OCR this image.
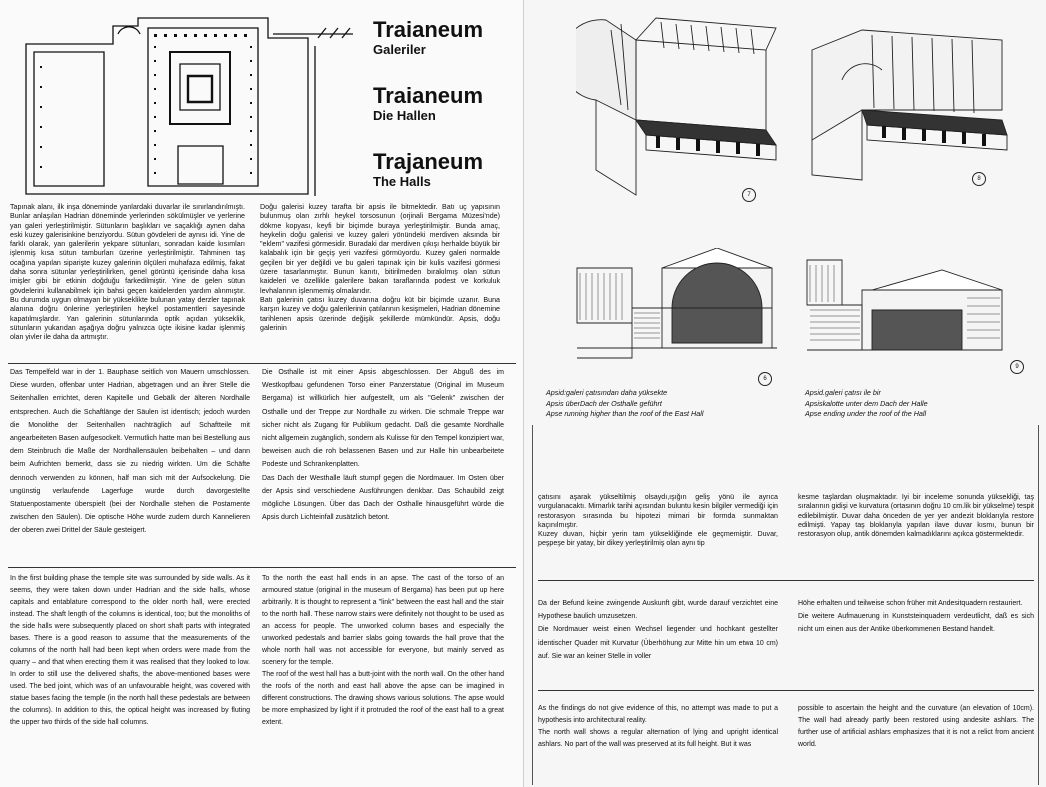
Traianeum
Galeriler
Traianeum
Die Hallen
Trajaneum
The Halls
Tapınak alanı, ilk inşa döneminde yanlardaki duvarlar ile sınırlandırılmıştı. Bunlar anlaşılan Hadrian döneminde yerlerinden sökülmüşler ve yerlerine yan galeri yerleştirilmiştir. Sütunların başlıkları ve saçaklığı aynen daha eski kuzey galerisinkine benziyordu. Sütun gövdeleri de aynısı idi. Yine de farklı olarak, yan galerilerin yekpare sütunları, sonradan kaide kısımları işlenmiş kısa sütun tamburları üzerine yerleştirilmiştir. Tahminen taş ocağına yapılan siparişte kuzey galerinin ölçüleri muhafaza edilmiş, fakat daha sonra sütunlar yerleştirilirken, genel görüntü içerisinde daha kısa imişler gibi bir etkinin doğduğu farkedilmiştir. Yine de gelen sütun gövdelerini kullanabilmek için bahsi geçen kaidelerden yardım alınmıştır. Bu durumda uygun olmayan bir yükseklikte bulunan yatay derzler tapınak alanına doğru önlerine yerleştirilen heykel postamentleri sayesinde kapatılmışlardır. Yan galerinin sütunlarında optik açıdan yükseklik, sütunların yukarıdan aşağıya doğru yalnızca üçte ikisine kadar işlenmiş olan yivler ile daha da artmıştır.
Doğu galerisi kuzey tarafta bir apsis ile bitmektedir. Batı uç yapısının bulunmuş olan zırhlı heykel torsosunun (orjinali Bergama Müzesi'nde) dökme kopyası, keyfi bir biçimde buraya yerleştirilmiştir. Bunda amaç, heykelin doğu galerisi ve kuzey galeri yönündeki merdiven aksında bir "eklem" vazifesi görmesidir. Buradaki dar merdiven çıkışı herhalde büyük bir kalabalık için bir geçiş yeri vazifesi görmüyordu. Kuzey galeri normalde geçilen bir yer değildi ve bu galeri tapınak için bir kulis vazifesi görmesi üzere tasarlanmıştır. Bunun kanıtı, bitirilmeden bırakılmış olan sütun kaideleri ve özellikle galerilere bakan taraflarında podest ve korkuluk levhalarının işlenmemiş olmalarıdır.
Batı galerinin çatısı kuzey duvarına doğru küt bir biçimde uzanır. Buna karşın kuzey ve doğu galerilerinin çatılarının kesişmeleri, Hadrian dönemine tarihlenen apsis üzerinde değişik şekillerde mümkündür. Apsis, doğu galerinin
Das Tempelfeld war in der 1. Bauphase seitlich von Mauern umschlossen. Diese wurden, offenbar unter Hadrian, abgetragen und an ihrer Stelle die Seitenhallen errichtet, deren Kapitelle und Gebälk der älteren Nordhalle entsprechen. Auch die Schaftlänge der Säulen ist identisch; jedoch wurden die Monolithe der Seitenhallen nachträglich auf Schaftteile mit angearbeiteten Basen aufgesockelt. Vermutlich hatte man bei Bestellung aus dem Steinbruch die Maße der Nordhallensäulen beibehalten – und dann beim Aufrichten bemerkt, dass sie zu niedrig wirkten. Um die Schäfte dennoch verwenden zu können, half man sich mit der Aufsockelung. Die ungünstig verlaufende Lagerfuge wurde durch davorgestellte Statuenpostamente überspielt (bei der Nordhalle stehen die Postamente zwischen den Säulen). Die optische Höhe wurde zudem durch Kannelieren der oberen zwei Drittel der Säule gesteigert.
Die Osthalle ist mit einer Apsis abgeschlossen. Der Abguß des im Westkopfbau gefundenen Torso einer Panzerstatue (Original im Museum Bergama) ist willkürlich hier aufgestellt, um als "Gelenk" zwischen der Osthalle und der Treppe zur Nordhalle zu wirken. Die schmale Treppe war sicher nicht als Zugang für Publikum gedacht. Daß die gesamte Nordhalle nicht allgemein zugänglich, sondern als Kulisse für den Tempel konzipiert war, beweisen auch die roh belassenen Basen und zur Halle hin unbearbeitete Podeste und Schrankenplatten.
Das Dach der Westhalle läuft stumpf gegen die Nordmauer. Im Osten über der Apsis sind verschiedene Ausführungen denkbar. Das Schaubild zeigt mögliche Lösungen. Über das Dach der Osthalle hinausgeführt würde die Apsis durch Lichteinfall zusätzlich betont.
In the first building phase the temple site was surrounded by side walls. As it seems, they were taken down under Hadrian and the side halls, whose capitals and entablature correspond to the older north hall, were erected instead. The shaft length of the columns is identical, too; but the monoliths of the side halls were subsequently placed on short shaft parts with integrated bases. There is a good reason to assume that the measurements of the columns of the north hall had been kept when orders were made from the quarry – and that when erecting them it was realised that they looked to low. In order to still use the delivered shafts, the above-mentioned bases were used. The bed joint, which was of an unfavourable height, was covered with statue bases facing the temple (in the north hall these pedestals are between the columns). In addition to this, the optical height was increased by fluting the upper two thirds of the side hall columns.
To the north the east hall ends in an apse. The cast of the torso of an armoured statue (original in the museum of Bergama) has been put up here arbitrarily. It is thought to represent a "link" between the east hall and the stair to the north hall. These narrow stairs were definitely not thought to be used as an access for people. The unworked column bases and especially the unworked pedestals and barrier slabs going towards the hall prove that the whole north hall was not accessible for everyone, but mainly served as scenery for the temple.
The roof of the west hall has a butt-joint with the north wall. On the other hand the roofs of the north and east hall above the apse can be imagined in different constructions. The drawing shows various solutions. The apse would be more emphasized by light if it protruded the roof of the east hall to a great extent.
7
8
6
9
Apsid:galeri çatısından daha yüksekte
Apsis überDach der Osthalle geführt
Apse running higher than the roof of the East Hall
Apsid.galeri çatısı ile bir
Apsiskalotte unter dem Dach der Halle
Apse ending under the roof of the Hall
çatısını aşarak yükseltilmiş olsaydı,ışığın geliş yönü ile ayrıca vurgulanacaktı. Mimarlık tarihi açısından buluntu kesin bilgiler vermediği için restorasyon sırasında bu hipotezi mimari bir formda sunmaktan kaçınılmıştır.
Kuzey duvarı, hiçbir yerin tam yüksekliğinde ele geçmemiştir. Duvar, peşpeşe bir yatay, bir dikey yerleştirilmiş olan aynı tip
kesme taşlardan oluşmaktadır. İyi bir inceleme sonunda yüksekliği, taş sıralarının gidişi ve kurvatura (ortasının doğru 10 cm.lik bir yükselme) tespit edilebilmiştir. Duvar daha önceden de yer yer andezit bloklarıyla restore edilmişti. Yapay taş bloklarıyla yapılan ilave duvar kısmı, bunun bir restorasyon olup, antik dönemden kalmadıklarını açıkca göstermektedir.
Da der Befund keine zwingende Auskunft gibt, wurde darauf verzichtet eine Hypothese baulich umzusetzen.
Die Nordmauer weist einen Wechsel liegender und hochkant gestellter identischer Quader mit Kurvatur (Überhöhung zur Mitte hin um etwa 10 cm) auf. Sie war an keiner Stelle in voller
Höhe erhalten und teilweise schon früher mit Andesitquadern restauriert.
Die weitere Aufmauerung in Kunststeinquadern verdeutlicht, daß es sich nicht um einen aus der Antike überkommenen Bestand handelt.
As the findings do not give evidence of this, no attempt was made to put a hypothesis into architectural reality.
The north wall shows a regular alternation of lying and upright identical ashlars. No part of the wall was preserved at its full height. But it was
possible to ascertain the height and the curvature (an elevation of 10cm). The wall had already partly been restored using andesite ashlars. The further use of artificial ashlars emphasizes that it is not a relict from ancient world.
